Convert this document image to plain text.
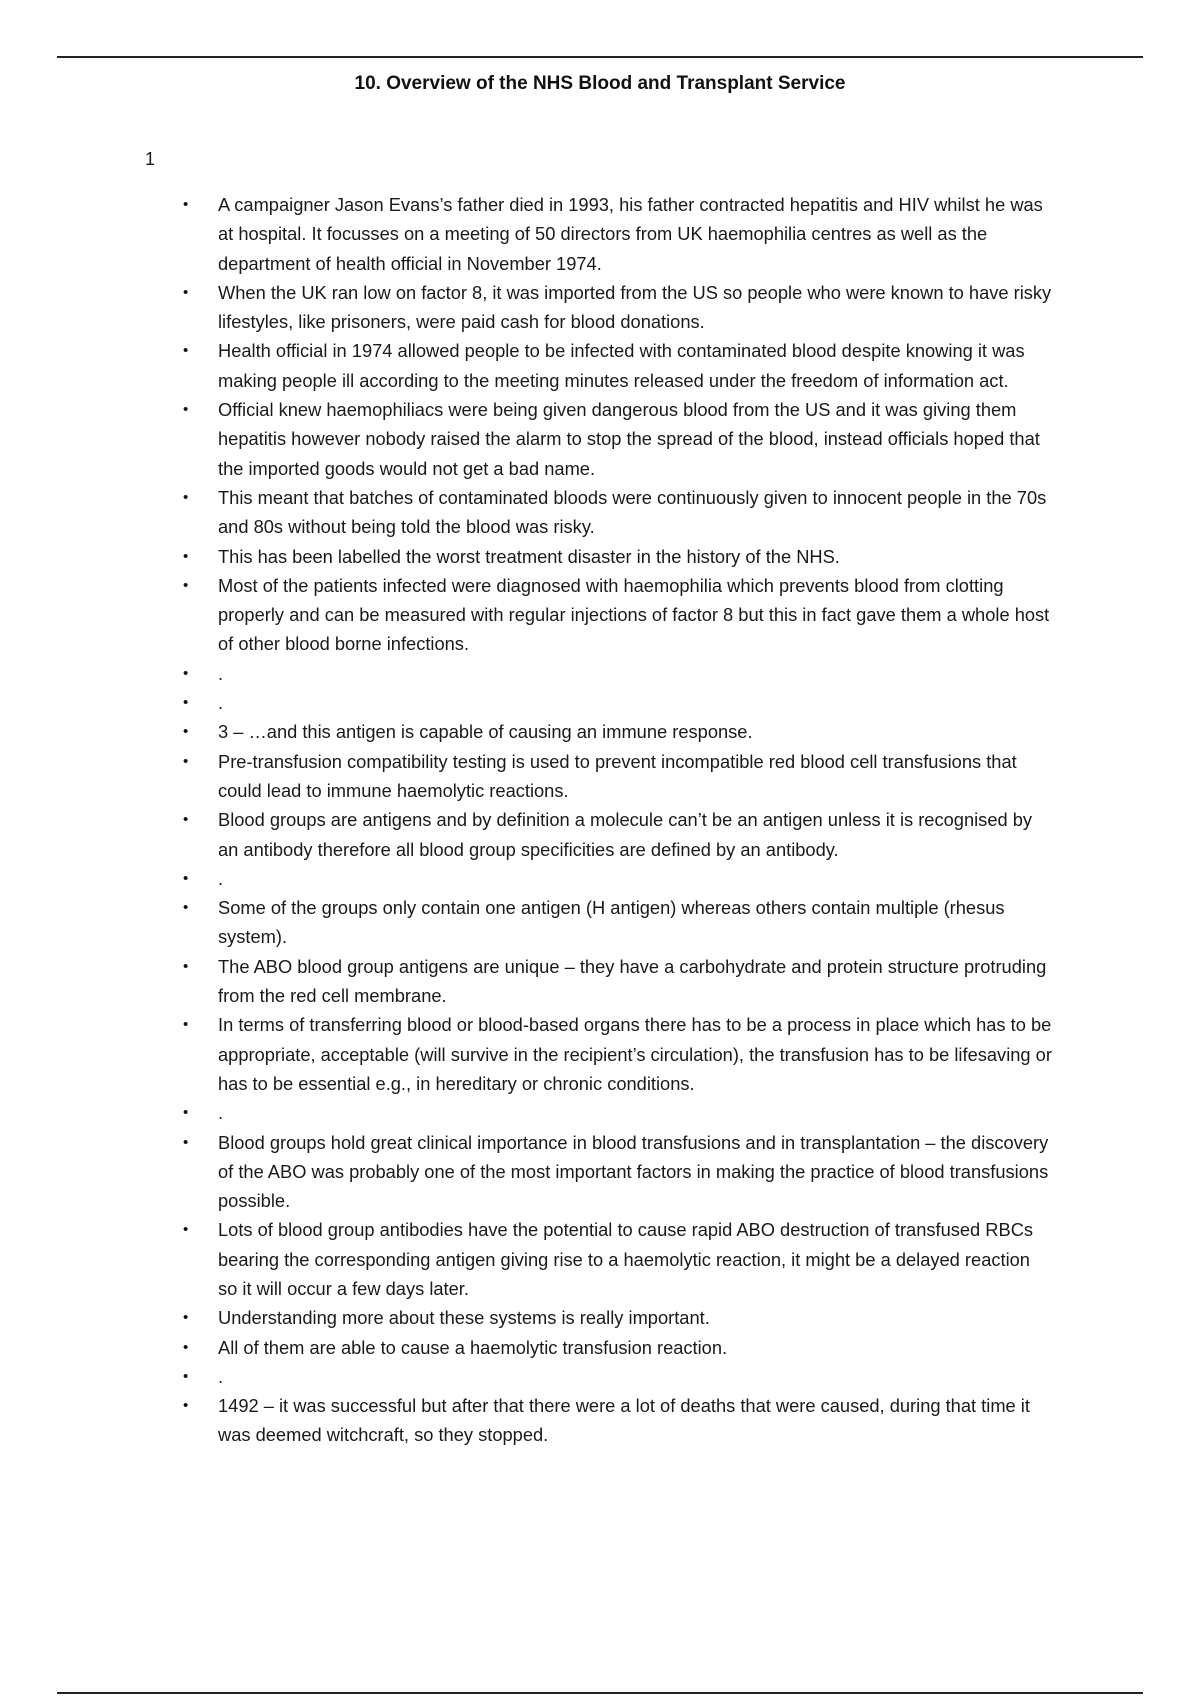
10. Overview of the NHS Blood and Transplant Service
1
• A campaigner Jason Evans’s father died in 1993, his father contracted hepatitis and HIV whilst he was at hospital. It focusses on a meeting of 50 directors from UK haemophilia centres as well as the department of health official in November 1974.
• When the UK ran low on factor 8, it was imported from the US so people who were known to have risky lifestyles, like prisoners, were paid cash for blood donations.
• Health official in 1974 allowed people to be infected with contaminated blood despite knowing it was making people ill according to the meeting minutes released under the freedom of information act.
• Official knew haemophiliacs were being given dangerous blood from the US and it was giving them hepatitis however nobody raised the alarm to stop the spread of the blood, instead officials hoped that the imported goods would not get a bad name.
• This meant that batches of contaminated bloods were continuously given to innocent people in the 70s and 80s without being told the blood was risky.
• This has been labelled the worst treatment disaster in the history of the NHS.
• Most of the patients infected were diagnosed with haemophilia which prevents blood from clotting properly and can be measured with regular injections of factor 8 but this in fact gave them a whole host of other blood borne infections.
• .
• .
• 3 – …and this antigen is capable of causing an immune response.
• Pre-transfusion compatibility testing is used to prevent incompatible red blood cell transfusions that could lead to immune haemolytic reactions.
• Blood groups are antigens and by definition a molecule can’t be an antigen unless it is recognised by an antibody therefore all blood group specificities are defined by an antibody.
• .
• Some of the groups only contain one antigen (H antigen) whereas others contain multiple (rhesus system).
• The ABO blood group antigens are unique – they have a carbohydrate and protein structure protruding from the red cell membrane.
• In terms of transferring blood or blood-based organs there has to be a process in place which has to be appropriate, acceptable (will survive in the recipient’s circulation), the transfusion has to be lifesaving or has to be essential e.g., in hereditary or chronic conditions.
• .
• Blood groups hold great clinical importance in blood transfusions and in transplantation – the discovery of the ABO was probably one of the most important factors in making the practice of blood transfusions possible.
• Lots of blood group antibodies have the potential to cause rapid ABO destruction of transfused RBCs bearing the corresponding antigen giving rise to a haemolytic reaction, it might be a delayed reaction so it will occur a few days later.
• Understanding more about these systems is really important.
• All of them are able to cause a haemolytic transfusion reaction.
• .
• 1492 – it was successful but after that there were a lot of deaths that were caused, during that time it was deemed witchcraft, so they stopped.
